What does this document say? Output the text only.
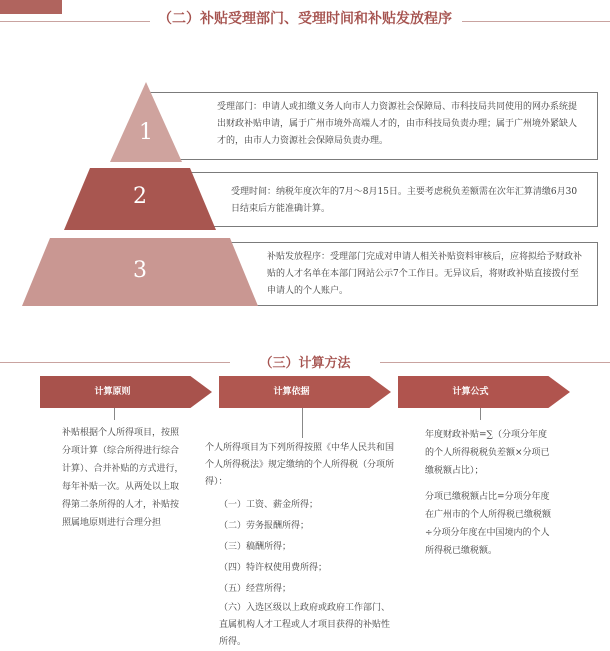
（二）补贴受理部门、受理时间和补贴发放程序
受理部门：申请人或扣缴义务人向市人力资源社会保障局、市科技局共同使用的网办系统提出财政补贴申请，属于广州市境外高端人才的，由市科技局负责办理；属于广州境外紧缺人才的，由市人力资源社会保障局负责办理。
受理时间：纳税年度次年的7月～8月15日。主要考虑税负差额需在次年汇算清缴6月30日结束后方能准确计算。
补贴发放程序：受理部门完成对申请人相关补贴资料审核后，应将拟给予财政补贴的人才名单在本部门网站公示7个工作日。无异议后，将财政补贴直接拨付至申请人的个人账户。
1
2
3
（三）计算方法
计算原则	计算依据	计算公式
补贴根据个人所得项目，按照分项计算（综合所得进行综合计算）、合并补贴的方式进行，每年补贴一次。从两处以上取得第二条所得的人才，补贴按照属地原则进行合理分担
个人所得项目为下列所得按照《中华人民共和国个人所得税法》规定缴纳的个人所得税（分项所得）：
（一）工资、薪金所得；
（二）劳务报酬所得；
（三）稿酬所得；
（四）特许权使用费所得；
（五）经营所得；
（六）入选区级以上政府或政府工作部门、直属机构人才工程或人才项目获得的补贴性所得。
年度财政补贴=∑（分项分年度的个人所得税税负差额×分项已缴税额占比）；
分项已缴税额占比=分项分年度在广州市的个人所得税已缴税额÷分项分年度在中国境内的个人所得税已缴税额。
